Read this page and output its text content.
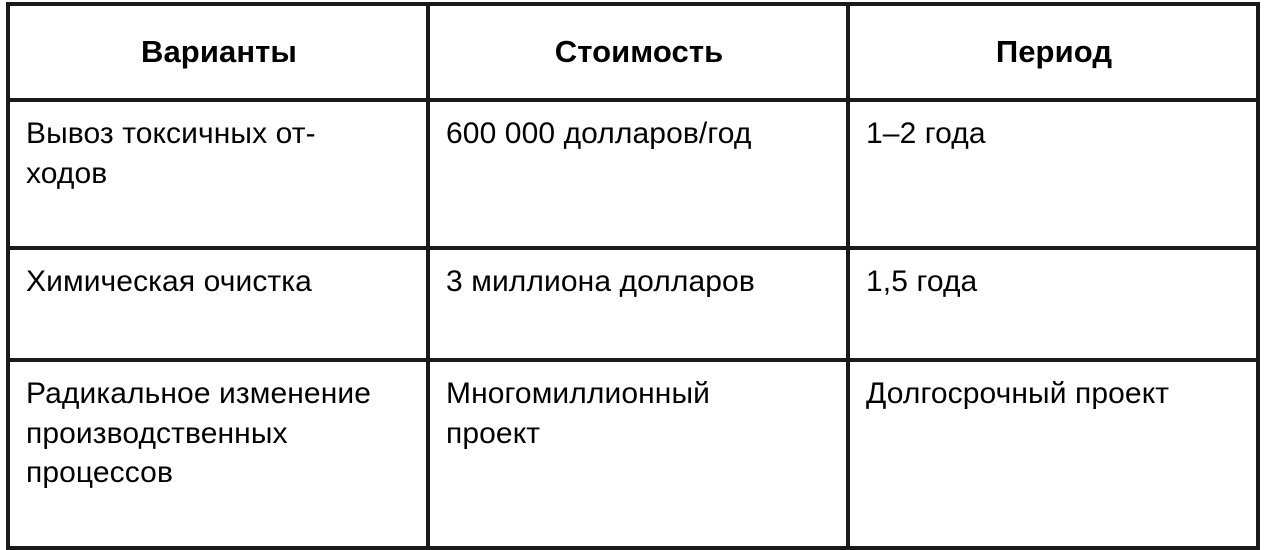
Варианты	Стоимость	Период

Вывоз токсичных отходов	600 000 долларов/год	1–2 года

Химическая очистка	3 миллиона долларов	1,5 года

Радикальное изменение производственных процессов	Многомиллионный проект	Долгосрочный проект
